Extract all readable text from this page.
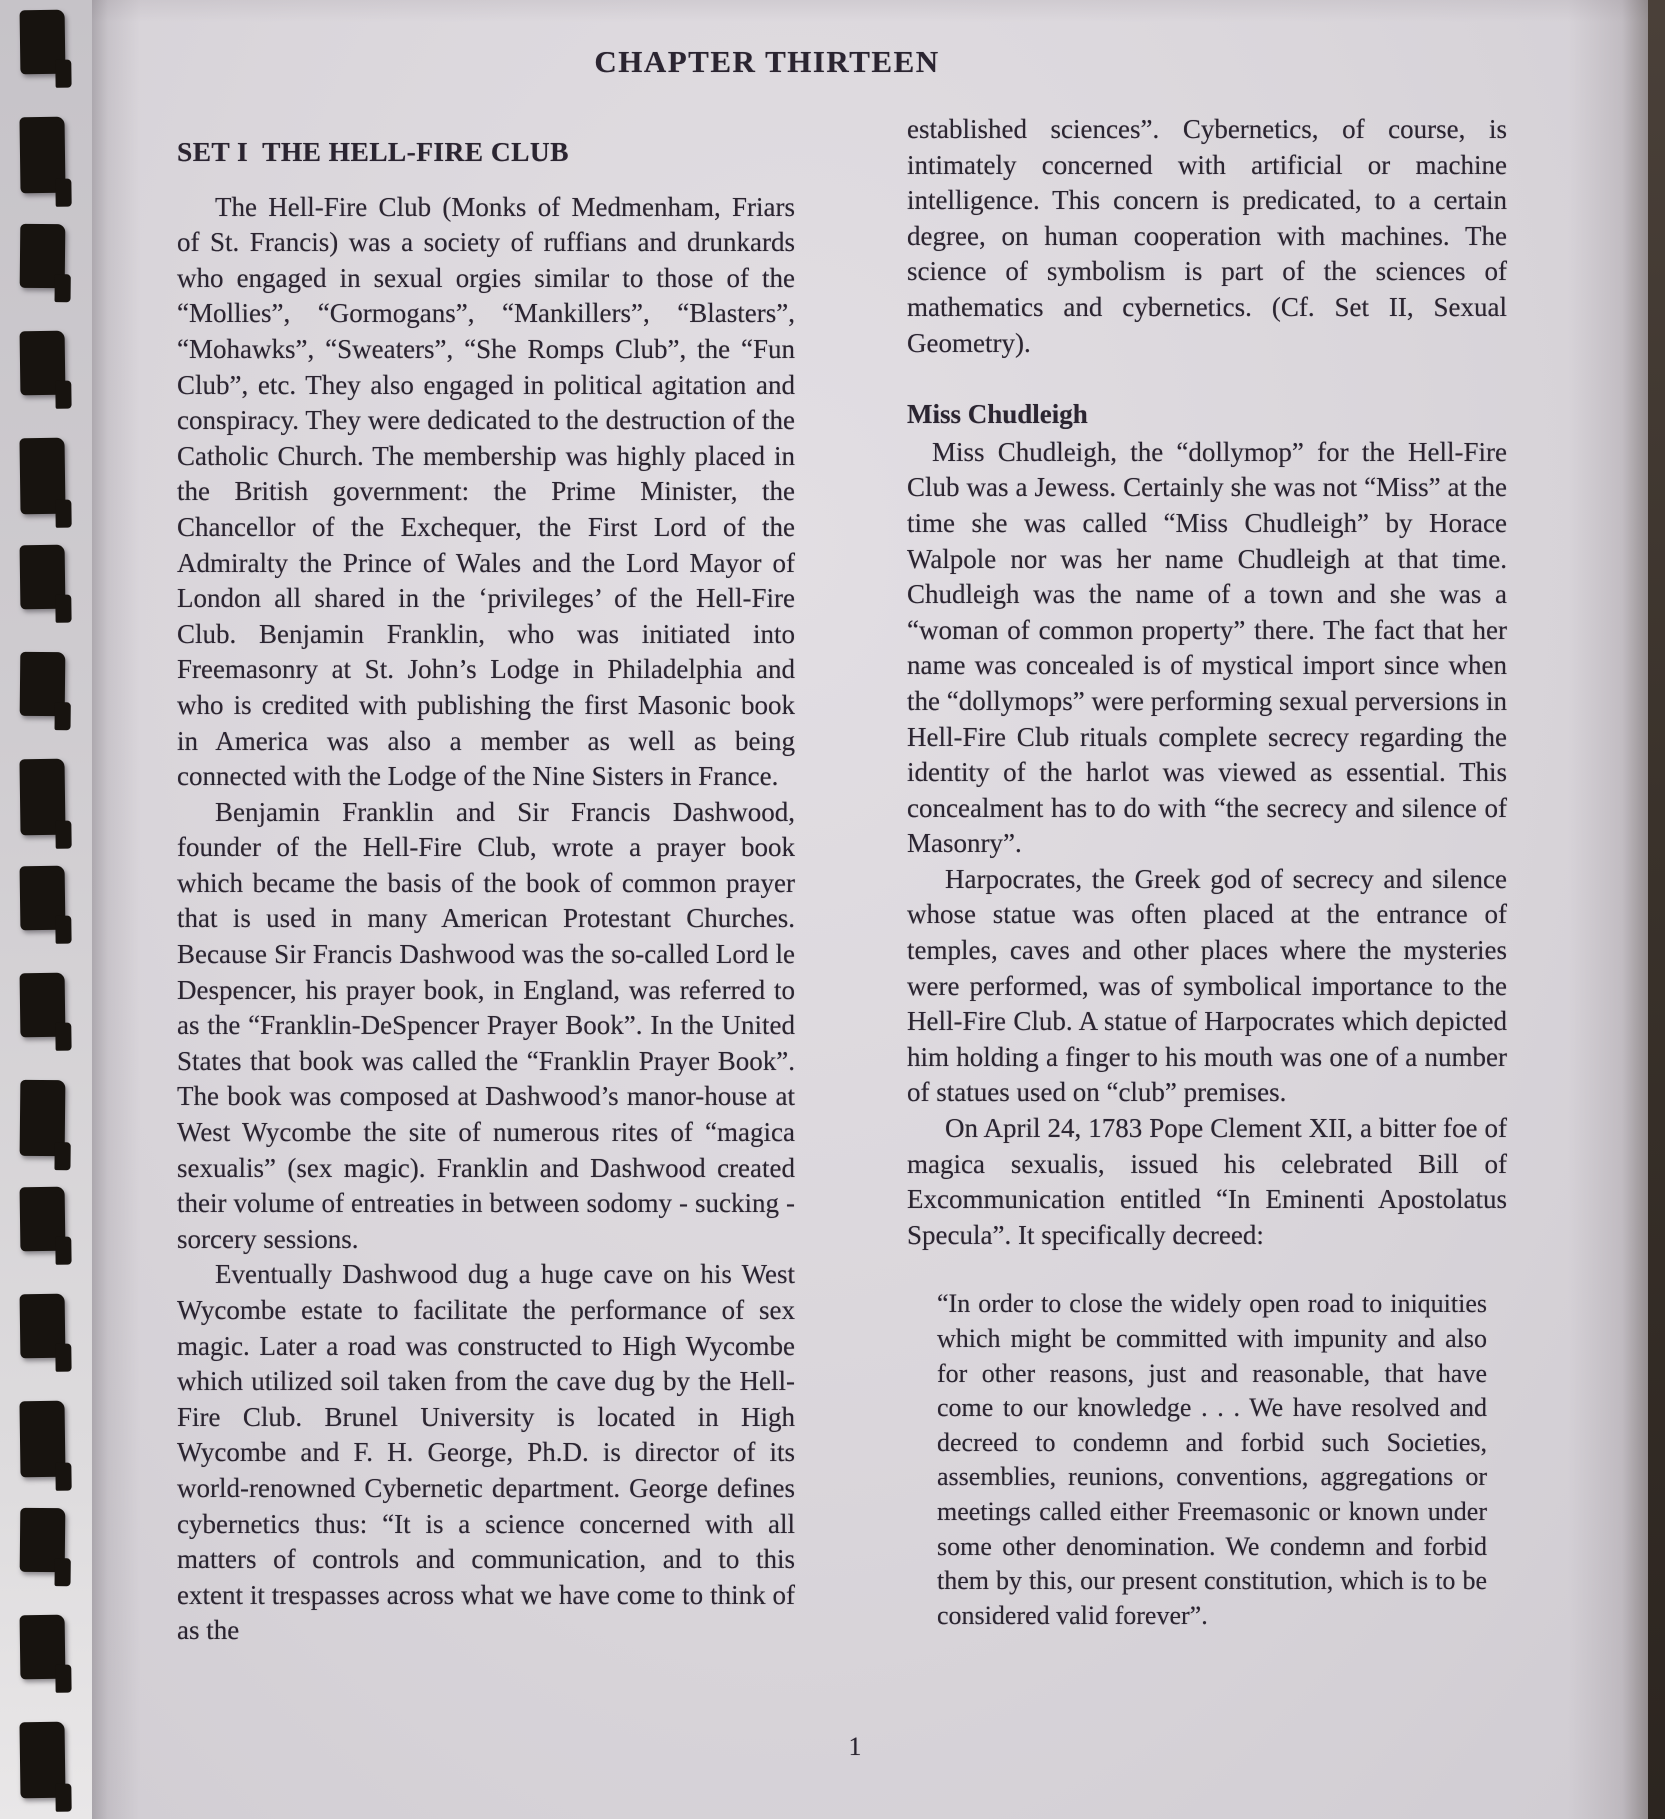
CHAPTER THIRTEEN
SET I  THE HELL-FIRE CLUB

The Hell-Fire Club (Monks of Medmenham, Friars of St. Francis) was a society of ruffians and drunkards who engaged in sexual orgies similar to those of the “Mollies”, “Gormogans”, “Mankillers”, “Blasters”, “Mohawks”, “Sweaters”, “She Romps Club”, the “Fun Club”, etc. They also engaged in political agitation and conspiracy. They were dedicated to the destruction of the Catholic Church. The membership was highly placed in the British government: the Prime Minister, the Chancellor of the Exchequer, the First Lord of the Admiralty the Prince of Wales and the Lord Mayor of London all shared in the ‘privileges’ of the Hell-Fire Club. Benjamin Franklin, who was initiated into Freemasonry at St. John’s Lodge in Philadelphia and who is credited with publishing the first Masonic book in America was also a member as well as being connected with the Lodge of the Nine Sisters in France.

Benjamin Franklin and Sir Francis Dashwood, founder of the Hell-Fire Club, wrote a prayer book which became the basis of the book of common prayer that is used in many American Protestant Churches. Because Sir Francis Dashwood was the so-called Lord le Despencer, his prayer book, in England, was referred to as the “Franklin-DeSpencer Prayer Book”. In the United States that book was called the “Franklin Prayer Book”. The book was composed at Dashwood’s manor-house at West Wycombe the site of numerous rites of “magica sexualis” (sex magic). Franklin and Dashwood created their volume of entreaties in between sodomy - sucking - sorcery sessions.

Eventually Dashwood dug a huge cave on his West Wycombe estate to facilitate the performance of sex magic. Later a road was constructed to High Wycombe which utilized soil taken from the cave dug by the Hell-Fire Club. Brunel University is located in High Wycombe and F. H. George, Ph.D. is director of its world-renowned Cybernetic department. George defines cybernetics thus: “It is a science concerned with all matters of controls and communication, and to this extent it trespasses across what we have come to think of as the

established sciences”. Cybernetics, of course, is intimately concerned with artificial or machine intelligence. This concern is predicated, to a certain degree, on human cooperation with machines. The science of symbolism is part of the sciences of mathematics and cybernetics. (Cf. Set II, Sexual Geometry).

Miss Chudleigh

Miss Chudleigh, the “dollymop” for the Hell-Fire Club was a Jewess. Certainly she was not “Miss” at the time she was called “Miss Chudleigh” by Horace Walpole nor was her name Chudleigh at that time. Chudleigh was the name of a town and she was a “woman of common property” there. The fact that her name was concealed is of mystical import since when the “dollymops” were performing sexual perversions in Hell-Fire Club rituals complete secrecy regarding the identity of the harlot was viewed as essential. This concealment has to do with “the secrecy and silence of Masonry”.

Harpocrates, the Greek god of secrecy and silence whose statue was often placed at the entrance of temples, caves and other places where the mysteries were performed, was of symbolical importance to the Hell-Fire Club. A statue of Harpocrates which depicted him holding a finger to his mouth was one of a number of statues used on “club” premises.

On April 24, 1783 Pope Clement XII, a bitter foe of magica sexualis, issued his celebrated Bill of Excommunication entitled “In Eminenti Apostolatus Specula”. It specifically decreed:

“In order to close the widely open road to iniquities which might be committed with impunity and also for other reasons, just and reasonable, that have come to our knowledge . . . We have resolved and decreed to condemn and forbid such Societies, assemblies, reunions, conventions, aggregations or meetings called either Freemasonic or known under some other denomination. We condemn and forbid them by this, our present constitution, which is to be considered valid forever”.
1
